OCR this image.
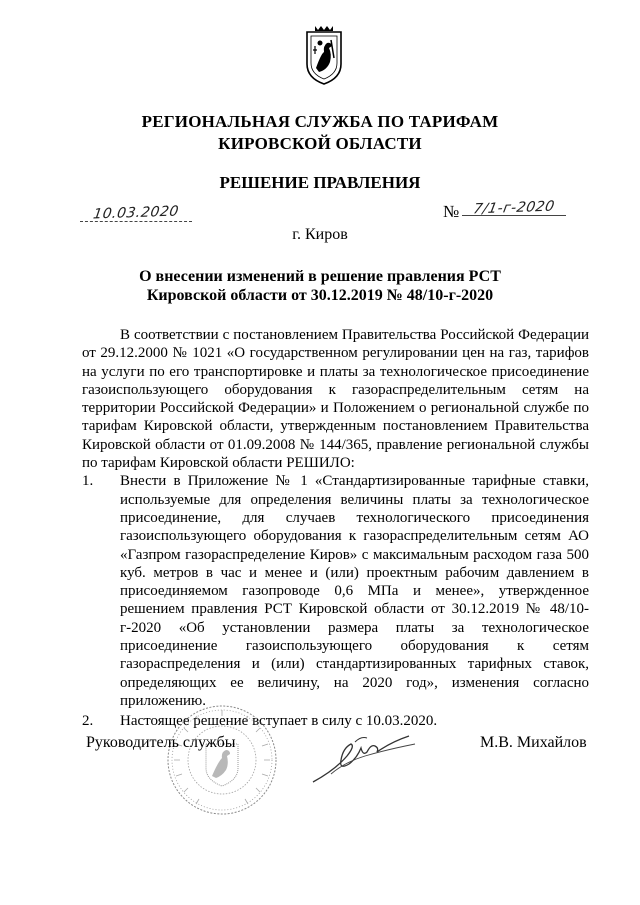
РЕГИОНАЛЬНАЯ СЛУЖБА ПО ТАРИФАМ
КИРОВСКОЙ ОБЛАСТИ
РЕШЕНИЕ ПРАВЛЕНИЯ
10.03.2020	№ 7/1-г-2020
г. Киров
О внесении изменений в решение правления РСТ
Кировской области от 30.12.2019 № 48/10-г-2020

В соответствии с постановлением Правительства Российской Федерации от 29.12.2000 № 1021 «О государственном регулировании цен на газ, тарифов на услуги по его транспортировке и платы за технологическое присоединение газоиспользующего оборудования к газораспределительным сетям на территории Российской Федерации» и Положением о региональной службе по тарифам Кировской области, утвержденным постановлением Правительства Кировской области от 01.09.2008 № 144/365, правление региональной службы по тарифам Кировской области РЕШИЛО:

1.	Внести в Приложение № 1 «Стандартизированные тарифные ставки, используемые для определения величины платы за технологическое присоединение, для случаев технологического присоединения газоиспользующего оборудования к газораспределительным сетям АО «Газпром газораспределение Киров» с максимальным расходом газа 500 куб. метров в час и менее и (или) проектным рабочим давлением в присоединяемом газопроводе 0,6 МПа и менее», утвержденное решением правления РСТ Кировской области от 30.12.2019 № 48/10-г-2020 «Об установлении размера платы за технологическое присоединение газоиспользующего оборудования к сетям газораспределения и (или) стандартизированных тарифных ставок, определяющих ее величину, на 2020 год», изменения согласно приложению.

2.	Настоящее решение вступает в силу с 10.03.2020.

Руководитель службы	М.В. Михайлов
